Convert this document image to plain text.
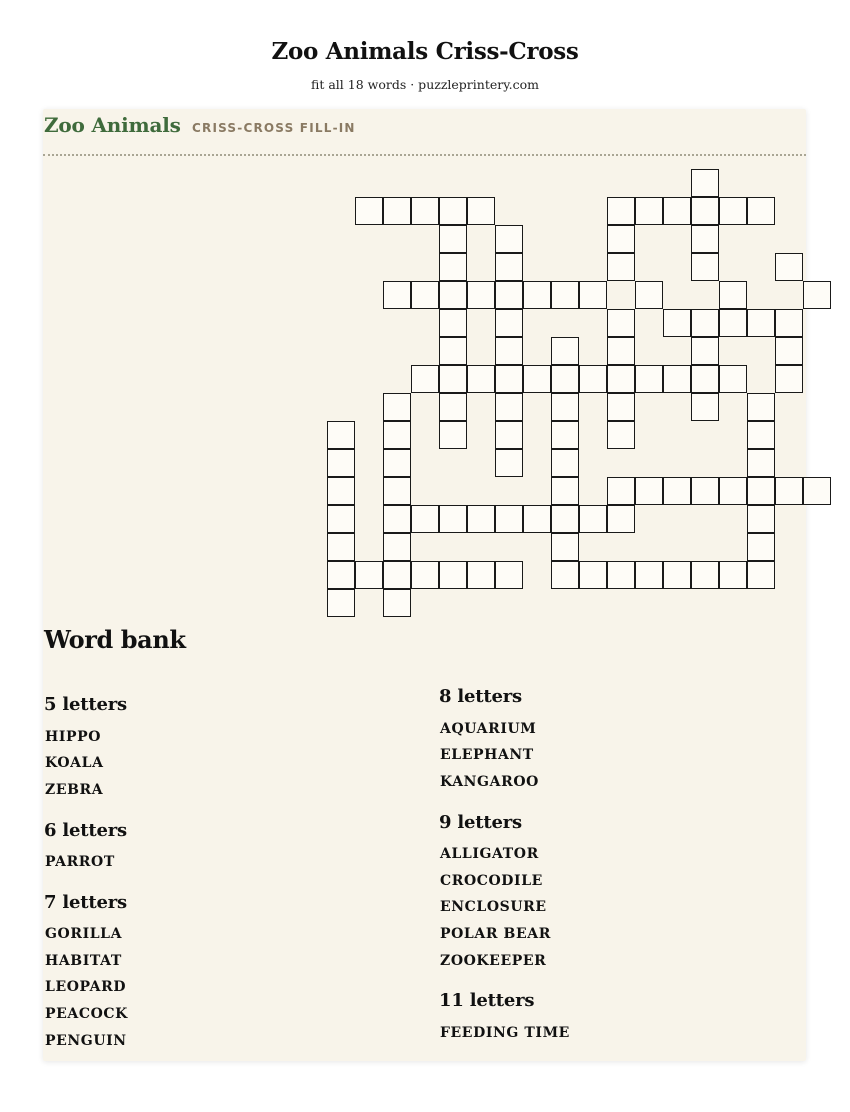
Zoo Animals Criss-Cross
fit all 18 words · puzzleprintery.com
Zoo Animals CRISS-CROSS FILL-IN
Word bank
5 letters
HIPPO
KOALA
ZEBRA
6 letters
PARROT
7 letters
GORILLA
HABITAT
LEOPARD
PEACOCK
PENGUIN
8 letters
AQUARIUM
ELEPHANT
KANGAROO
9 letters
ALLIGATOR
CROCODILE
ENCLOSURE
POLAR BEAR
ZOOKEEPER
11 letters
FEEDING TIME
